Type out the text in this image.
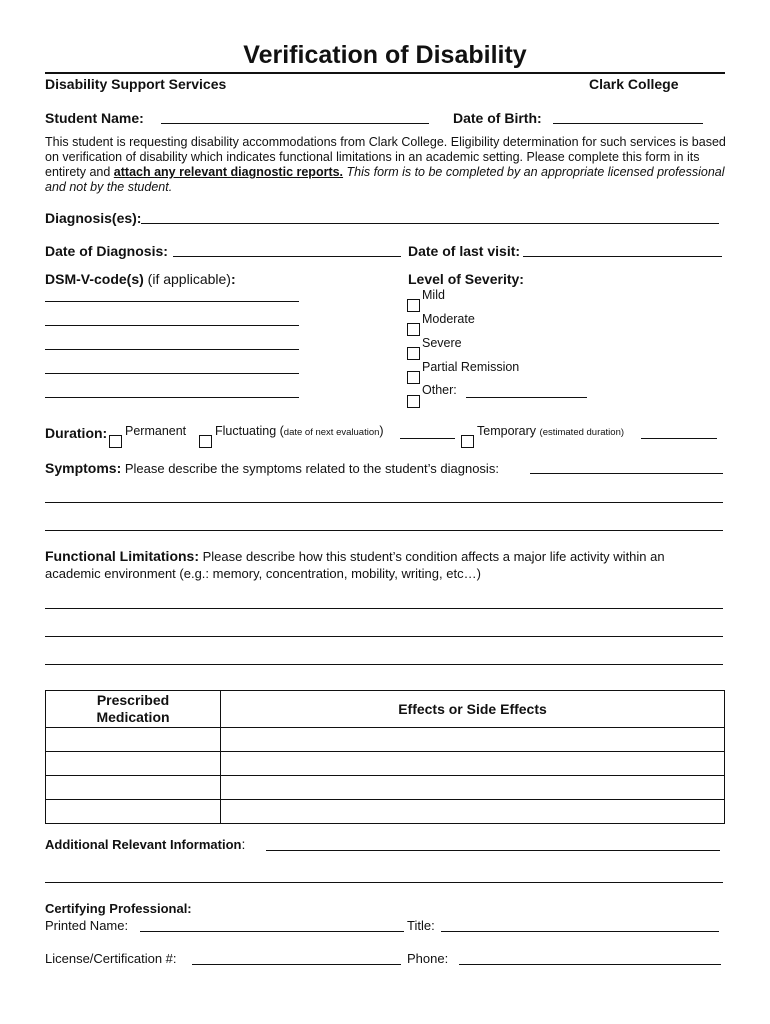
Verification of Disability
Disability Support Services	Clark College
Student Name:	Date of Birth:
This student is requesting disability accommodations from Clark College. Eligibility determination for such services is based on verification of disability which indicates functional limitations in an academic setting. Please complete this form in its entirety and attach any relevant diagnostic reports. This form is to be completed by an appropriate licensed professional and not by the student.
Diagnosis(es):
Date of Diagnosis:	Date of last visit:
DSM-V-code(s) (if applicable):	Level of Severity:
Mild
Moderate
Severe
Partial Remission
Other:
Duration: Permanent Fluctuating (date of next evaluation)	Temporary (estimated duration)
Symptoms: Please describe the symptoms related to the student’s diagnosis:
Functional Limitations: Please describe how this student’s condition affects a major life activity within an
academic environment (e.g.: memory, concentration, mobility, writing, etc…)
Prescribed
Medication	Effects or Side Effects

Additional Relevant Information:
Certifying Professional:
Printed Name:	Title:
License/Certification #:	Phone:
